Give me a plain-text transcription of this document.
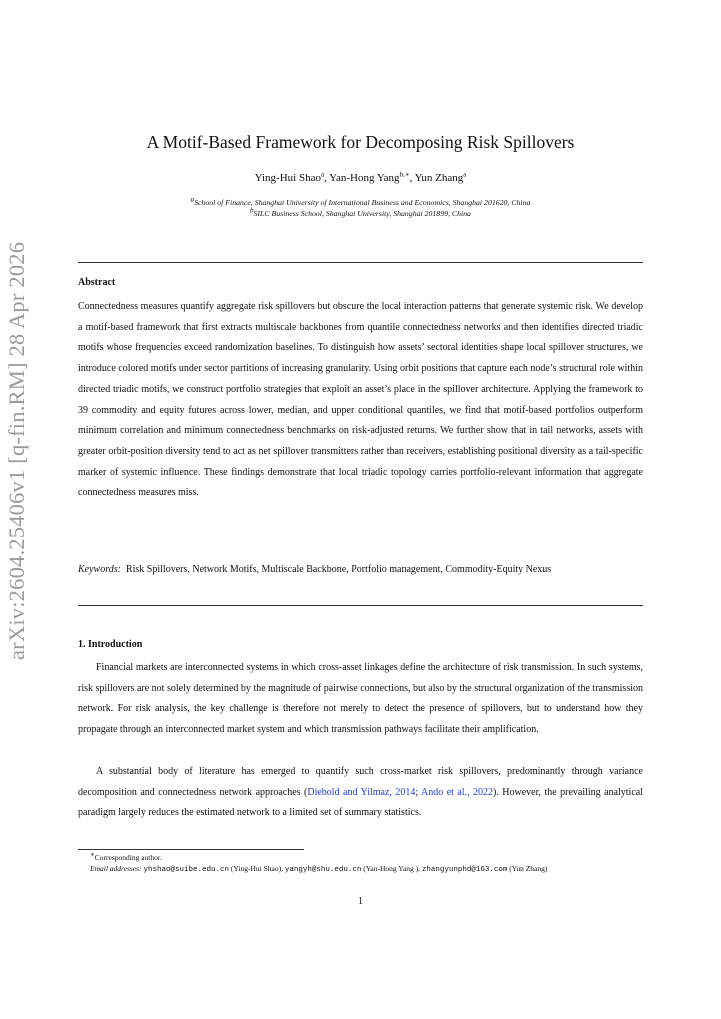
arXiv:2604.25406v1 [q-fin.RM] 28 Apr 2026
A Motif-Based Framework for Decomposing Risk Spillovers
Ying-Hui Shao$^a$, Yan-Hong Yang$^{b,∗}$, Yun Zhang$^a$
$^a$School of Finance, Shanghai University of International Business and Economics, Shanghai 201620, China
$^b$SILC Business School, Shanghai University, Shanghai 201899, China
Abstract
Connectedness measures quantify aggregate risk spillovers but obscure the local interaction patterns that generate systemic risk. We develop a motif-based framework that first extracts multiscale backbones from quantile connectedness networks and then identifies directed triadic motifs whose frequencies exceed randomization baselines. To distinguish how assets’ sectoral identities shape local spillover structures, we introduce colored motifs under sector partitions of increasing granularity. Using orbit positions that capture each node’s structural role within directed triadic motifs, we construct portfolio strategies that exploit an asset’s place in the spillover architecture. Applying the framework to 39 commodity and equity futures across lower, median, and upper conditional quantiles, we find that motif-based portfolios outperform minimum correlation and minimum connectedness benchmarks on risk-adjusted returns. We further show that in tail networks, assets with greater orbit-position diversity tend to act as net spillover transmitters rather than receivers, establishing positional diversity as a tail-specific marker of systemic influence. These findings demonstrate that local triadic topology carries portfolio-relevant information that aggregate connectedness measures miss.
Keywords: Risk Spillovers, Network Motifs, Multiscale Backbone, Portfolio management, Commodity-Equity Nexus
1. Introduction
Financial markets are interconnected systems in which cross-asset linkages define the architecture of risk transmission. In such systems, risk spillovers are not solely determined by the magnitude of pairwise connections, but also by the structural organization of the transmission network. For risk analysis, the key challenge is therefore not merely to detect the presence of spillovers, but to understand how they propagate through an interconnected market system and which transmission pathways facilitate their amplification.
A substantial body of literature has emerged to quantify such cross-market risk spillovers, predominantly through variance decomposition and connectedness network approaches (Diebold and Yilmaz, 2014; Ando et al., 2022). However, the prevailing analytical paradigm largely reduces the estimated network to a limited set of summary statistics.
∗Corresponding author.
Email addresses: yhshao@suibe.edu.cn (Ying-Hui Shao), yangyh@shu.edu.cn (Yan-Hong Yang ), zhangyunphd@163.com (Yun Zhang)
1
